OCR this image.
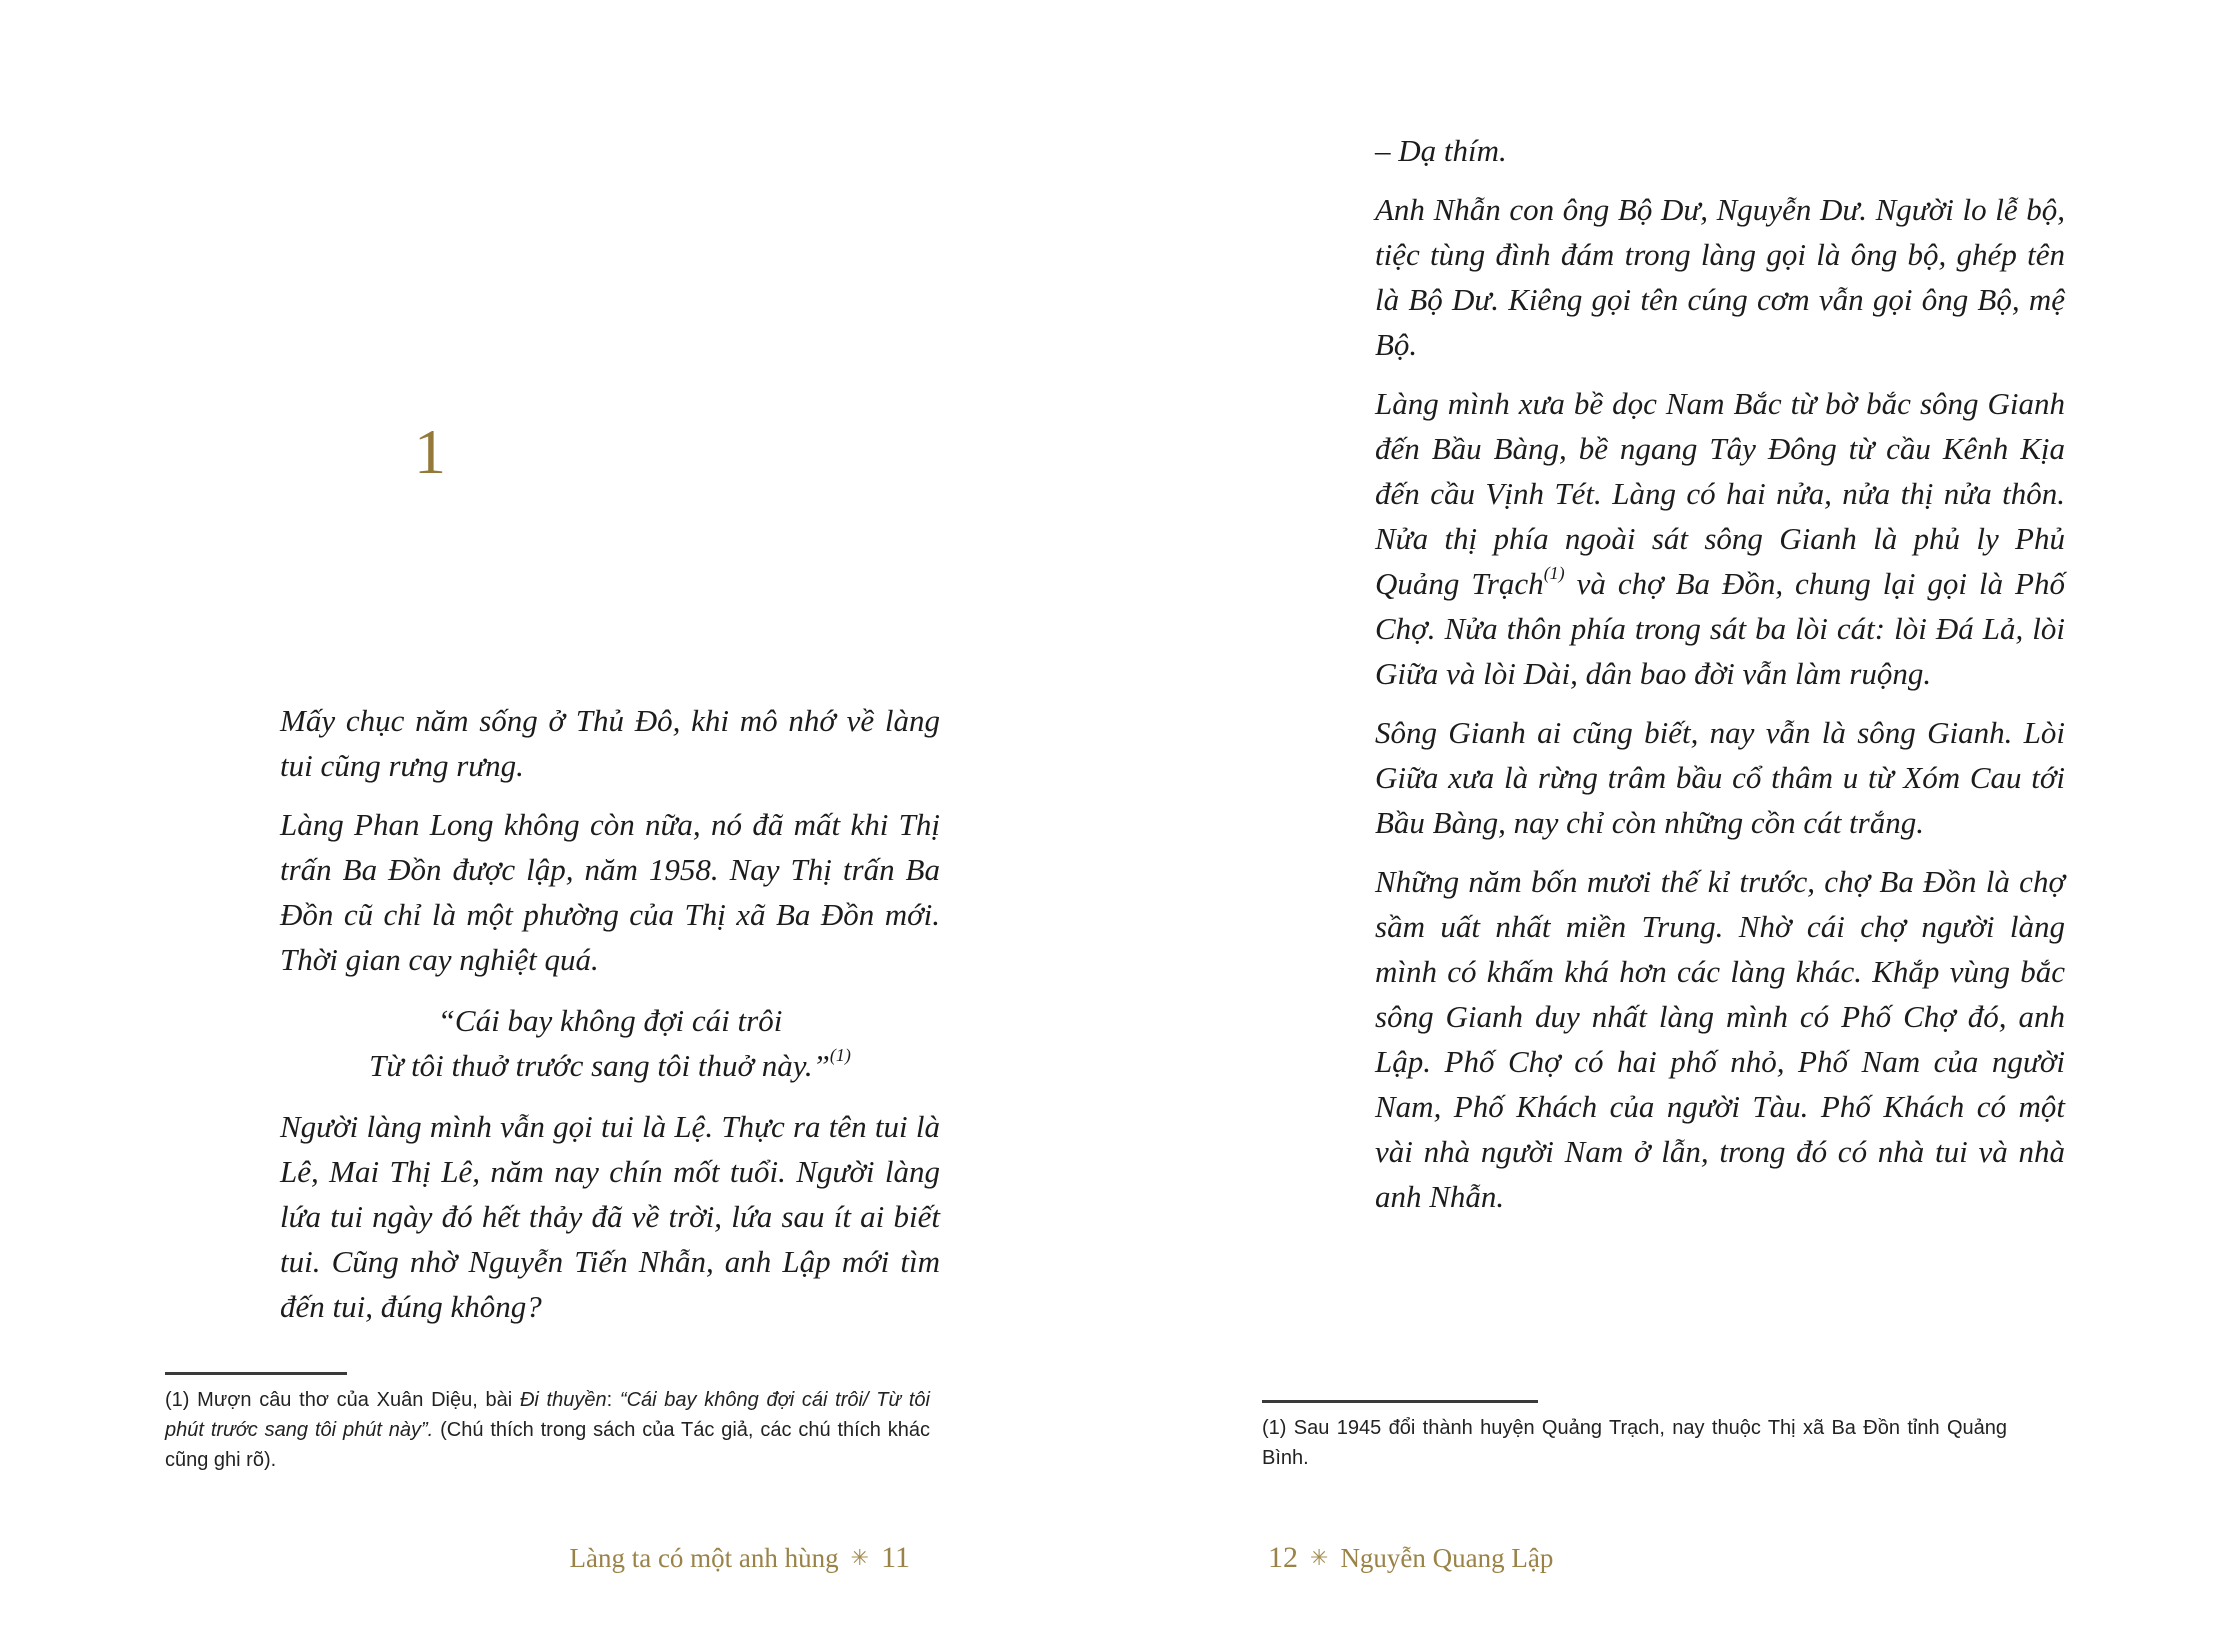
1

Mấy chục năm sống ở Thủ Đô, khi mô nhớ về làng tui cũng rưng rưng.

Làng Phan Long không còn nữa, nó đã mất khi Thị trấn Ba Đồn được lập, năm 1958. Nay Thị trấn Ba Đồn cũ chỉ là một phường của Thị xã Ba Đồn mới. Thời gian cay nghiệt quá.

“Cái bay không đợi cái trôi
Từ tôi thuở trước sang tôi thuở này.”$^{(1)}$

Người làng mình vẫn gọi tui là Lệ. Thực ra tên tui là Lê, Mai Thị Lê, năm nay chín mốt tuổi. Người làng lứa tui ngày đó hết thảy đã về trời, lứa sau ít ai biết tui. Cũng nhờ Nguyễn Tiến Nhẫn, anh Lập mới tìm đến tui, đúng không?

(1) Mượn câu thơ của Xuân Diệu, bài Đi thuyền: “Cái bay không đợi cái trôi/ Từ tôi phút trước sang tôi phút này”. (Chú thích trong sách của Tác giả, các chú thích khác cũng ghi rõ).

Làng ta có một anh hùng ✳ 11

– Dạ thím.

Anh Nhẫn con ông Bộ Dư, Nguyễn Dư. Người lo lễ bộ, tiệc tùng đình đám trong làng gọi là ông bộ, ghép tên là Bộ Dư. Kiêng gọi tên cúng cơm vẫn gọi ông Bộ, mệ Bộ.

Làng mình xưa bề dọc Nam Bắc từ bờ bắc sông Gianh đến Bầu Bàng, bề ngang Tây Đông từ cầu Kênh Kịa đến cầu Vịnh Tét. Làng có hai nửa, nửa thị nửa thôn. Nửa thị phía ngoài sát sông Gianh là phủ ly Phủ Quảng Trạch$^{(1)}$ và chợ Ba Đồn, chung lại gọi là Phố Chợ. Nửa thôn phía trong sát ba lòi cát: lòi Đá Lả, lòi Giữa và lòi Dài, dân bao đời vẫn làm ruộng.

Sông Gianh ai cũng biết, nay vẫn là sông Gianh. Lòi Giữa xưa là rừng trâm bầu cổ thâm u từ Xóm Cau tới Bầu Bàng, nay chỉ còn những cồn cát trắng.

Những năm bốn mươi thế kỉ trước, chợ Ba Đồn là chợ sầm uất nhất miền Trung. Nhờ cái chợ người làng mình có khấm khá hơn các làng khác. Khắp vùng bắc sông Gianh duy nhất làng mình có Phố Chợ đó, anh Lập. Phố Chợ có hai phố nhỏ, Phố Nam của người Nam, Phố Khách của người Tàu. Phố Khách có một vài nhà người Nam ở lẫn, trong đó có nhà tui và nhà anh Nhẫn.

(1) Sau 1945 đổi thành huyện Quảng Trạch, nay thuộc Thị xã Ba Đồn tỉnh Quảng Bình.

12 ✳ Nguyễn Quang Lập
